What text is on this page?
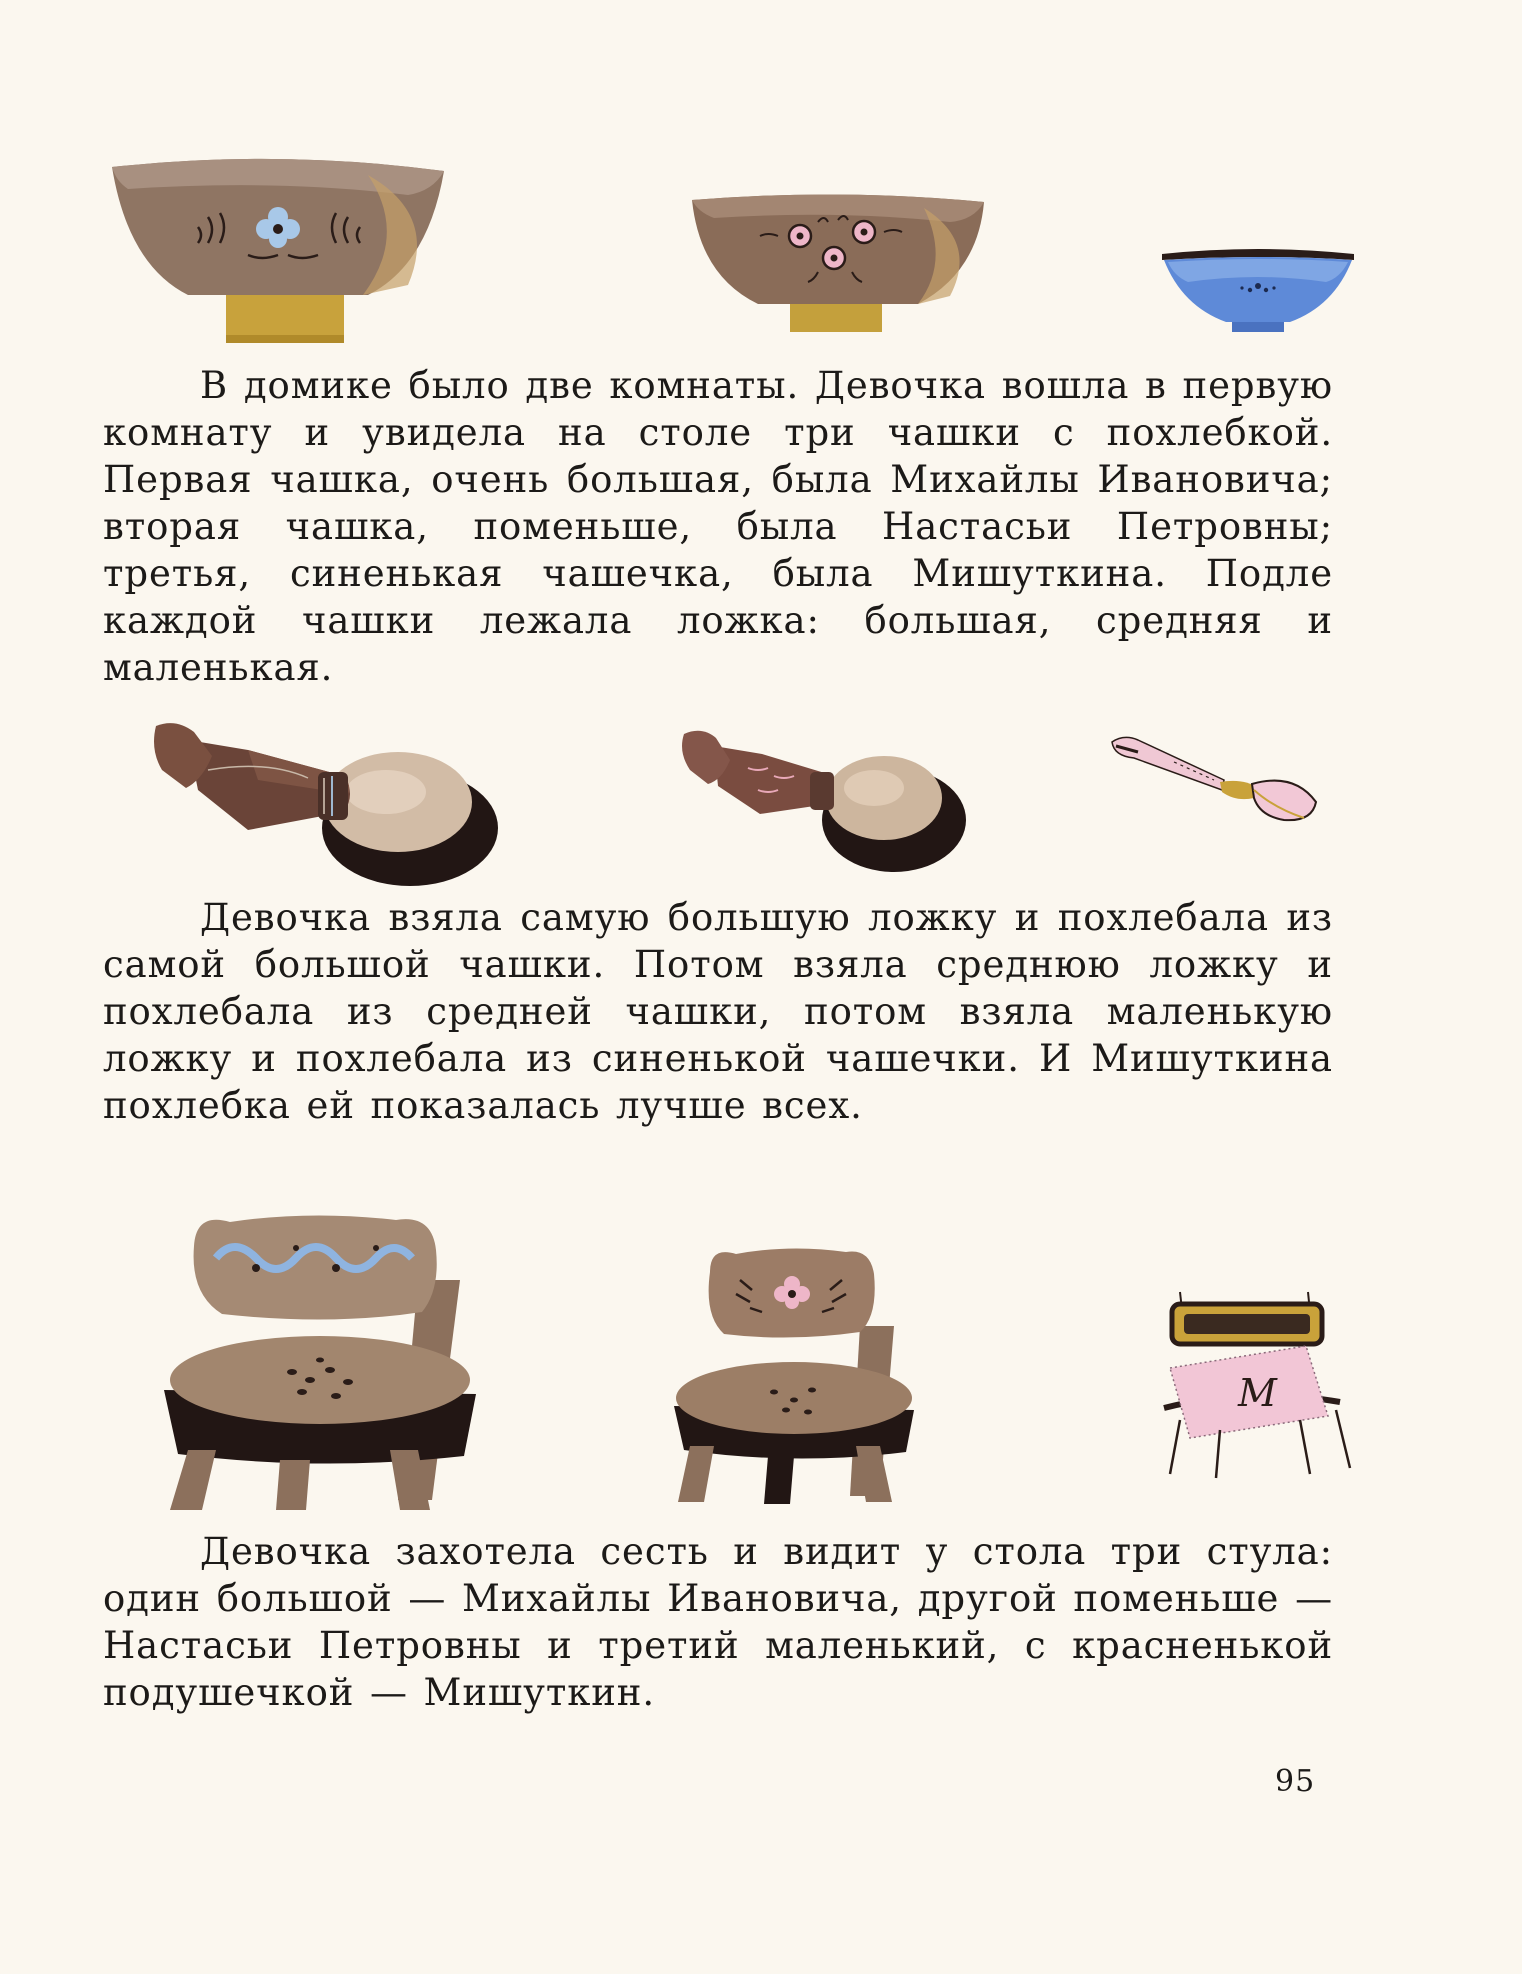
В домике было две комнаты. Девочка вошла в первую комнату и увидела на столе три чашки с похлебкой. Первая чашка, очень большая, была Михайлы Ивановича; вторая чашка, поменьше, была Настасьи Петровны; третья, синенькая чашечка, была Мишуткина. Подле каждой чашки лежала ложка: большая, средняя и маленькая.

Девочка взяла самую большую ложку и похлебала из самой большой чашки. Потом взяла среднюю ложку и похлебала из средней чашки, потом взяла маленькую ложку и похлебала из синенькой чашечки. И Мишуткина похлебка ей показалась лучше всех.

М

Девочка захотела сесть и видит у стола три стула: один большой — Михайлы Ивановича, другой поменьше — Настасьи Петровны и третий маленький, с красненькой подушечкой — Мишуткин.

95
